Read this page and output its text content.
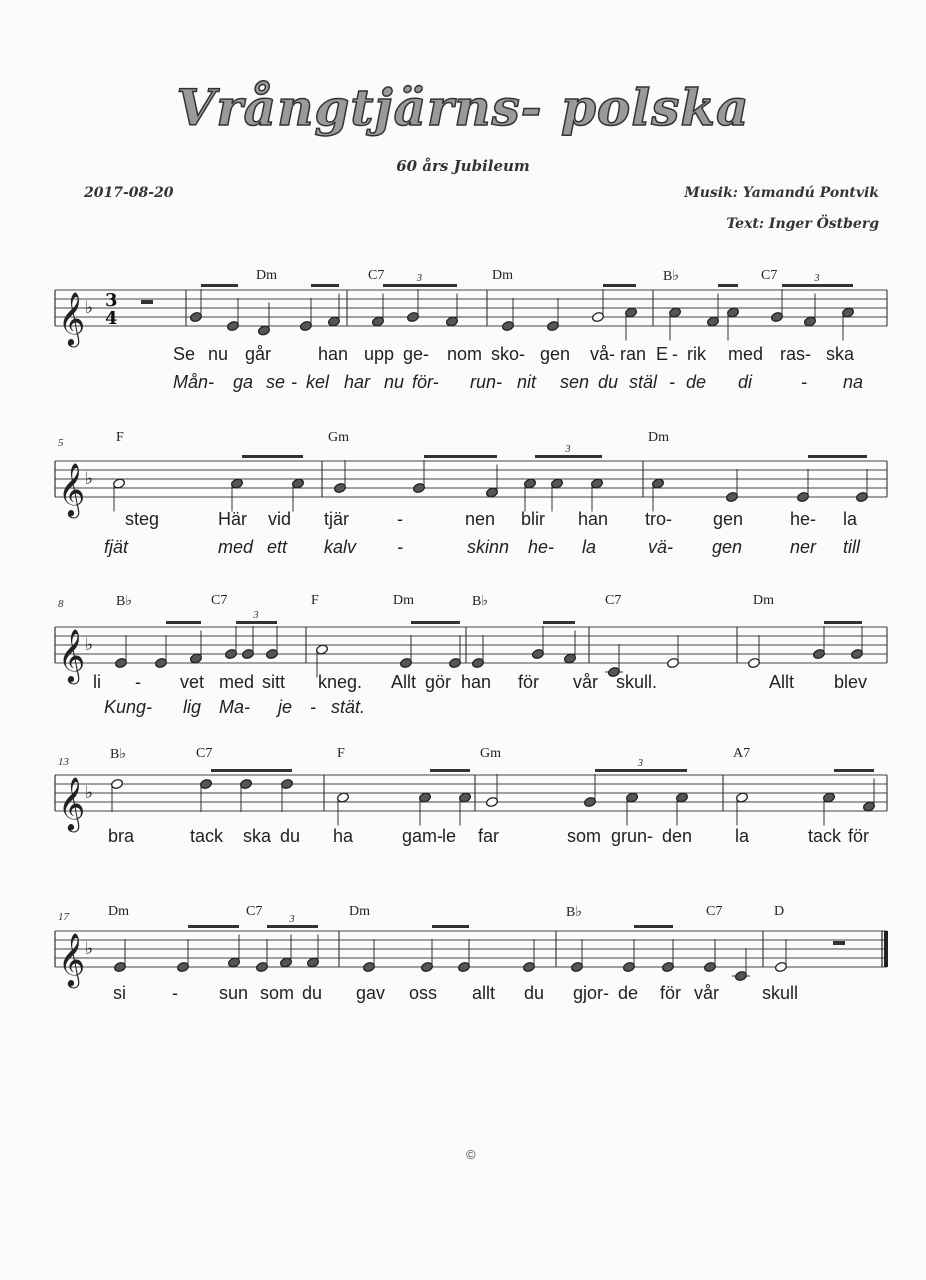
Vrångtjärns- polska
60 års Jubileum
2017-08-20	Musik: Yamandú Pontvik
Text: Inger Östberg
𝄞 ♭ 3
4
3	3
Dm	C7	Dm	B♭	C7
Se nu går	han upp ge- nom sko- gen vå- ran E - rik med ras- ska
Mån- ga se - kel har nu för- run- nit sen du stäl - de di	- na
𝄞 ♭
3
5	F	Gm	Dm
steg	Här vid tjär	-	nen blir han tro- gen	he- la
fjät	med ett kalv -	skinn he- la	vä- gen	ner till
𝄞 ♭
3
8	B♭	C7	F	Dm	B♭	C7	Dm
li - vet med sitt kneg. Allt gör han för vår skull.	Allt blev
Kung- lig Ma- je - stät.
𝄞 ♭
3
13	B♭	C7	F	Gm	A7
bra	tack ska du ha	gam-
le far	som grun- den la	tack för
𝄞 ♭
3
17	Dm	C7	Dm	B♭	C7	D
si	- sun som du gav oss allt du gjor- de för vår skull
©
